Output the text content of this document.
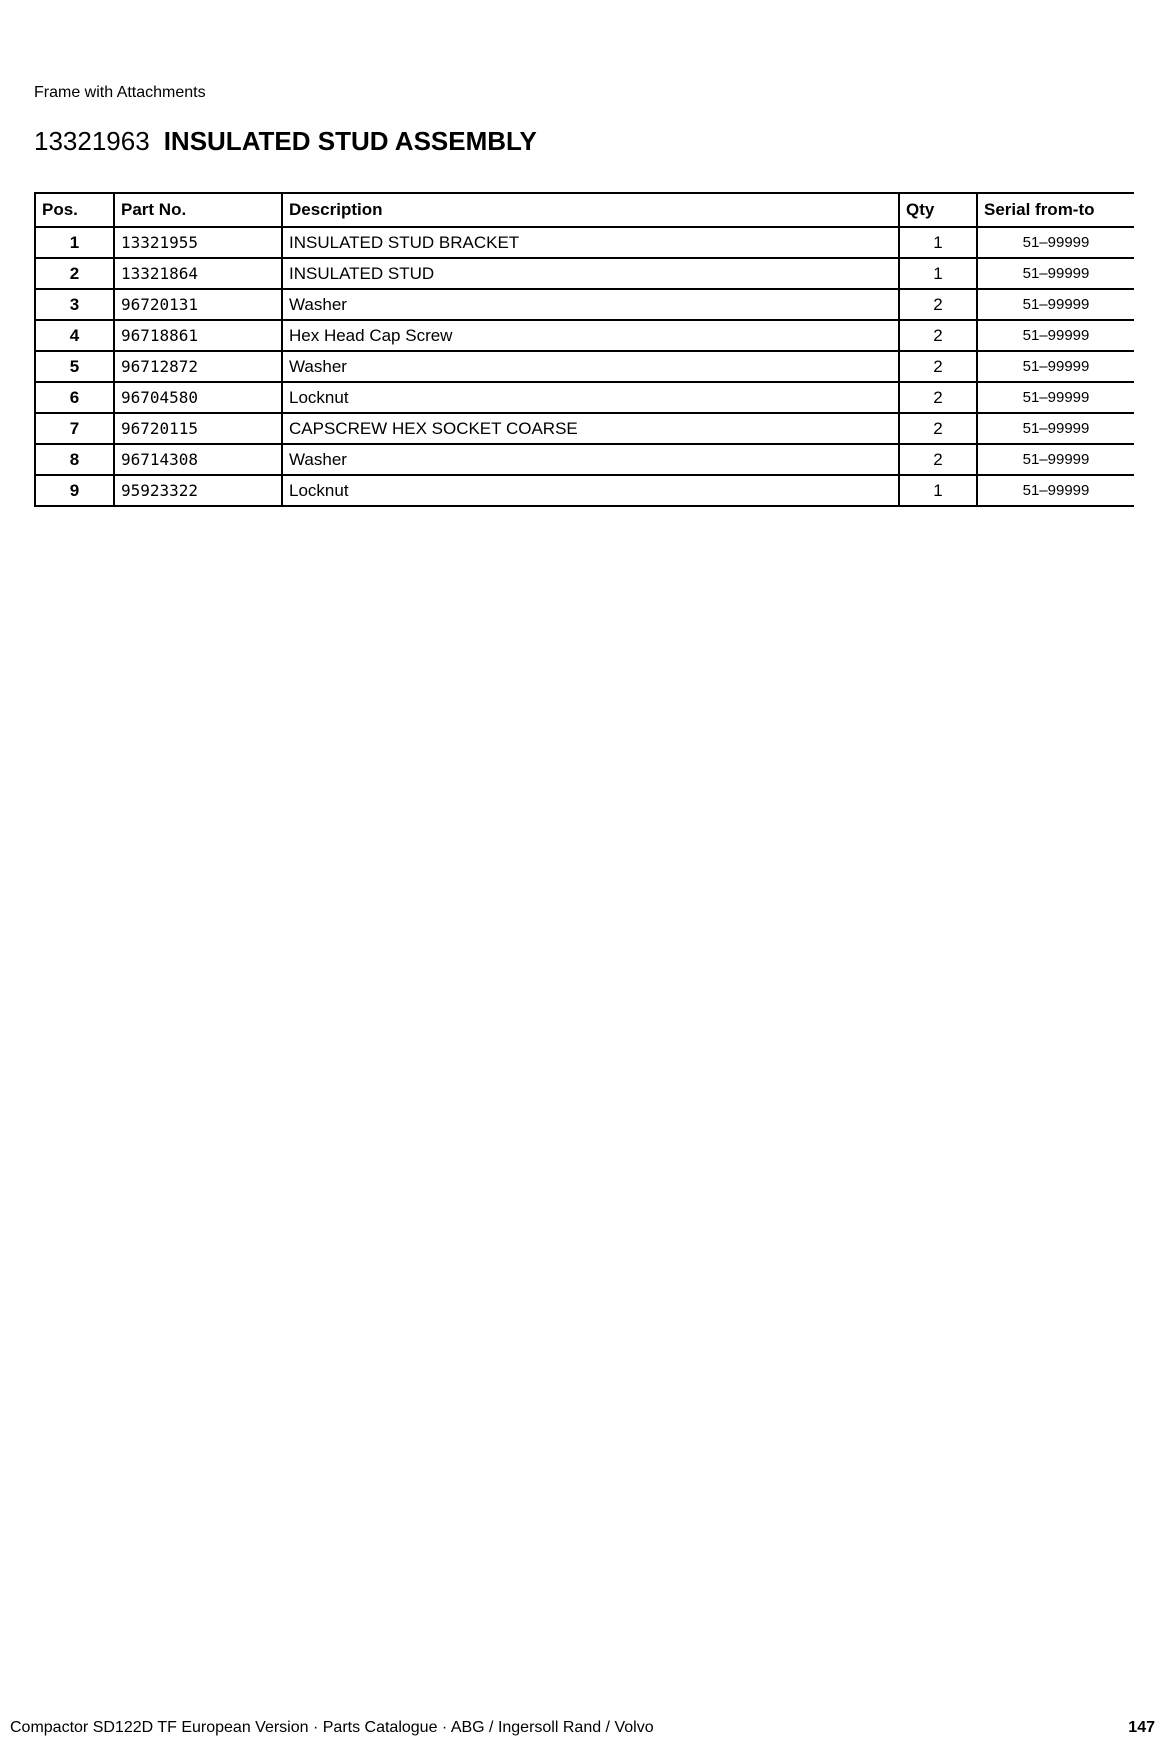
Frame with Attachments
13321963 INSULATED STUD ASSEMBLY
Pos.	Part No.	Description	Qty	Serial from-to
1	13321955	INSULATED STUD BRACKET	1	51–99999
2	13321864	INSULATED STUD	1	51–99999
3	96720131	Washer	2	51–99999
4	96718861	Hex Head Cap Screw	2	51–99999
5	96712872	Washer	2	51–99999
6	96704580	Locknut	2	51–99999
7	96720115	CAPSCREW HEX SOCKET COARSE	2	51–99999
8	96714308	Washer	2	51–99999
9	95923322	Locknut	1	51–99999
Compactor SD122D TF European Version · Parts Catalogue · ABG / Ingersoll Rand / Volvo	147
